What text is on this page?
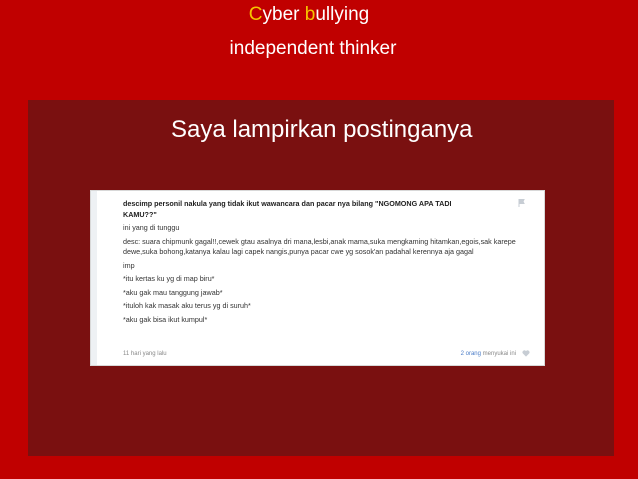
Cyber bullying
independent thinker
Saya lampirkan postinganya
descimp personil nakula yang tidak ikut wawancara dan pacar nya bilang "NGOMONG APA TADI KAMU??"
ini yang di tunggu
desc: suara chipmunk gagal!!,cewek gtau asalnya dri mana,lesbi,anak mama,suka mengkaming hitamkan,egois,sak karepe dewe,suka bohong,katanya kalau lagi capek nangis,punya pacar cwe yg sosok'an padahal kerennya aja gagal
imp
*itu kertas ku yg di map biru*
*aku gak mau tanggung jawab*
*ituloh kak masak aku terus yg di suruh*
*aku gak bisa ikut kumpul*
11 hari yang lalu	2 orang menyukai ini
